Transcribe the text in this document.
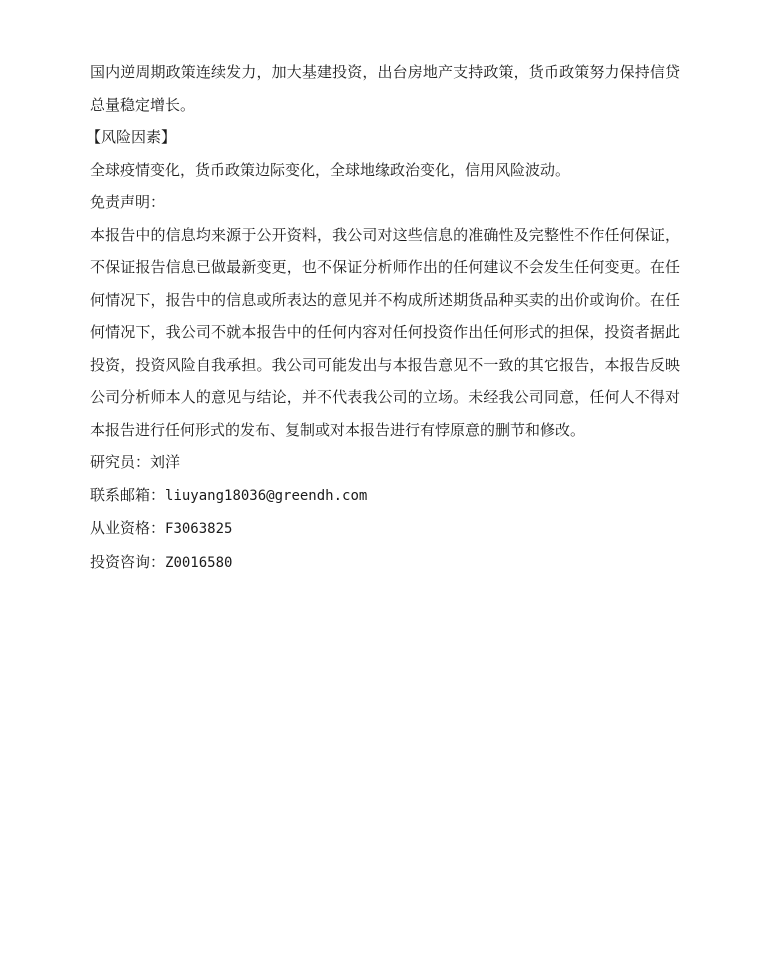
国内逆周期政策连续发力，加大基建投资，出台房地产支持政策，货币政策努力保持信贷总量稳定增长。

【风险因素】

全球疫情变化，货币政策边际变化，全球地缘政治变化，信用风险波动。

免责声明：

本报告中的信息均来源于公开资料，我公司对这些信息的准确性及完整性不作任何保证，不保证报告信息已做最新变更，也不保证分析师作出的任何建议不会发生任何变更。在任何情况下，报告中的信息或所表达的意见并不构成所述期货品种买卖的出价或询价。在任何情况下，我公司不就本报告中的任何内容对任何投资作出任何形式的担保，投资者据此投资，投资风险自我承担。我公司可能发出与本报告意见不一致的其它报告，本报告反映公司分析师本人的意见与结论，并不代表我公司的立场。未经我公司同意，任何人不得对本报告进行任何形式的发布、复制或对本报告进行有悖原意的删节和修改。

研究员：刘洋

联系邮箱：liuyang18036@greendh.com

从业资格：F3063825

投资咨询：Z0016580
